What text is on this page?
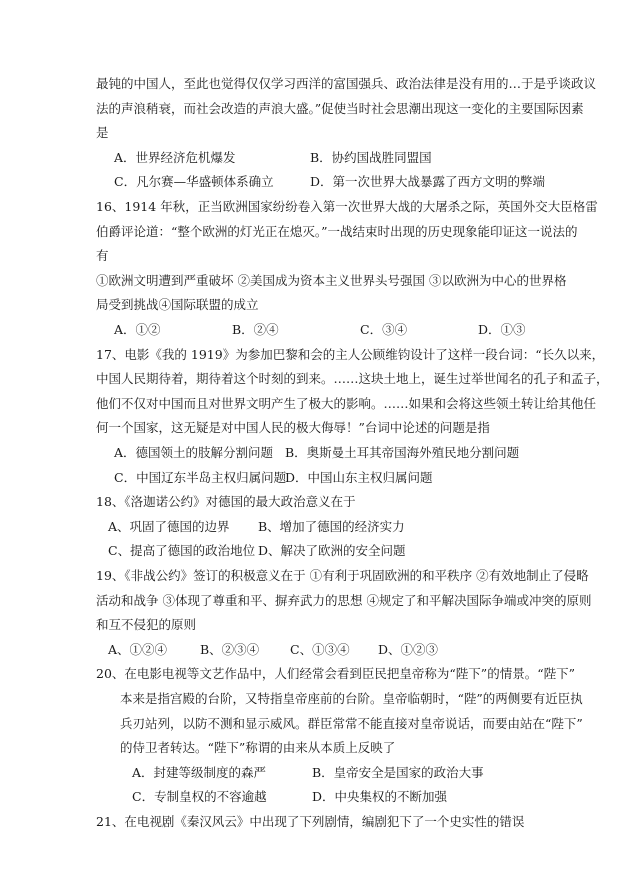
最钝的中国人，至此也觉得仅仅学习西洋的富国强兵、政治法律是没有用的…于是乎谈政议
法的声浪稍衰，而社会改造的声浪大盛。”促使当时社会思潮出现这一变化的主要国际因素
是
A．世界经济危机爆发	B．协约国战胜同盟国
C．凡尔赛—华盛顿体系确立	D．第一次世界大战暴露了西方文明的弊端
16、1914 年秋，正当欧洲国家纷纷卷入第一次世界大战的大屠杀之际，英国外交大臣格雷
伯爵评论道：“整个欧洲的灯光正在熄灭。”一战结束时出现的历史现象能印证这一说法的
有
①欧洲文明遭到严重破坏 ②美国成为资本主义世界头号强国 ③以欧洲为中心的世界格
局受到挑战④国际联盟的成立
A．①②	B．②④	C．③④	D．①③
17、电影《我的 1919》为参加巴黎和会的主人公顾维钧设计了这样一段台词：“长久以来，
中国人民期待着，期待着这个时刻的到来。……这块土地上，诞生过举世闻名的孔子和孟子，
他们不仅对中国而且对世界文明产生了极大的影响。……如果和会将这些领土转让给其他任
何一个国家，这无疑是对中国人民的极大侮辱！”台词中论述的问题是指
A．德国领土的肢解分割问题 B．奥斯曼土耳其帝国海外殖民地分割问题
C．中国辽东半岛主权归属问题
D．中国山东主权归属问题
18、《洛迦诺公约》对德国的最大政治意义在于
A、巩固了德国的边界 B、增加了德国的经济实力
C、提高了德国的政治地位 D、解决了欧洲的安全问题
19、《非战公约》签订的积极意义在于 ①有利于巩固欧洲的和平秩序 ②有效地制止了侵略
活动和战争 ③体现了尊重和平、摒弃武力的思想 ④规定了和平解决国际争端或冲突的原则
和互不侵犯的原则
A、①②④	B、②③④ C、①③④ D、①②③
20、在电影电视等文艺作品中，人们经常会看到臣民把皇帝称为“陛下”的情景。“陛下”
本来是指宫殿的台阶，又特指皇帝座前的台阶。皇帝临朝时，“陛”的两侧要有近臣执
兵刃站列，以防不测和显示威风。群臣常常不能直接对皇帝说话，而要由站在“陛下”
的侍卫者转达。“陛下”称谓的由来从本质上反映了
A．封建等级制度的森严	B．皇帝安全是国家的政治大事
C．专制皇权的不容逾越	D．中央集权的不断加强
21、在电视剧《秦汉风云》中出现了下列剧情，编剧犯下了一个史实性的错误
